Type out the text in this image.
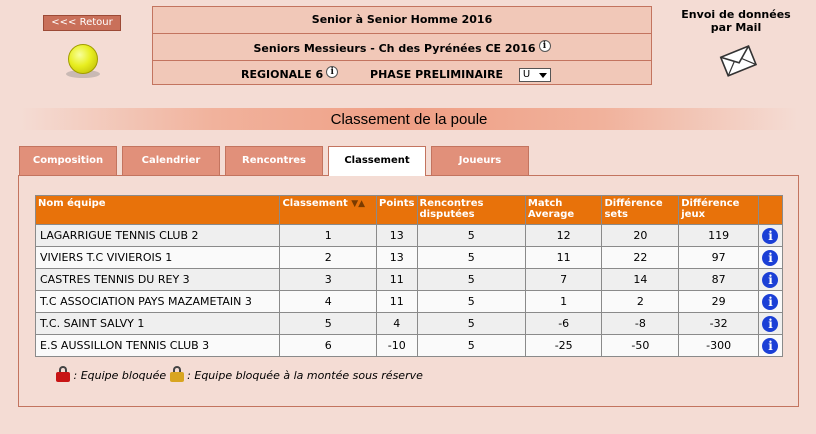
<<< Retour	Senior à Senior Homme 2016
Seniors Messieurs - Ch des Pyrénées CE 2016 i
REGIONALE 6 i	PHASE PRELIMINAIRE U
Envoi de données par Mail
Classement de la poule
Composition	Calendrier	Rencontres	Classement	Joueurs
Nom équipe	Classement ▼▲	Points	Rencontres disputées	Match Average	Différence sets	Différence jeux	
LAGARRIGUE TENNIS CLUB 2	1	13	5	12	20	119	i
VIVIERS T.C VIVIEROIS 1	2	13	5	11	22	97	i
CASTRES TENNIS DU REY 3	3	11	5	7	14	87	i
T.C ASSOCIATION PAYS MAZAMETAIN 3	4	11	5	1	2	29	i
T.C. SAINT SALVY 1	5	4	5	-6	-8	-32	i
E.S AUSSILLON TENNIS CLUB 3	6	-10	5	-25	-50	-300	i
: Equipe bloquée : Equipe bloquée à la montée sous réserve
